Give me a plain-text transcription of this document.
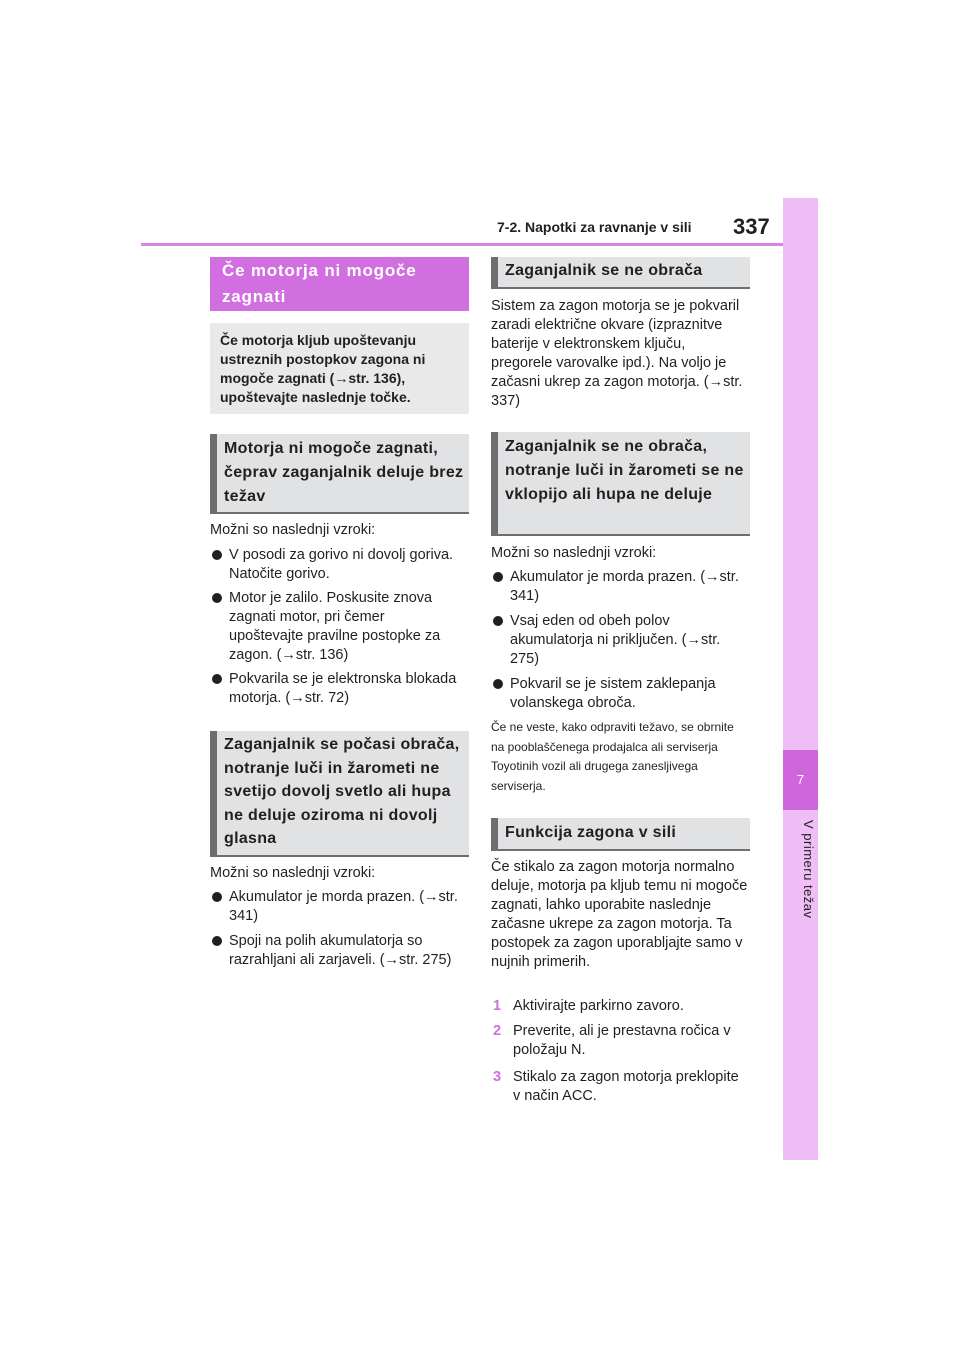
7-2. Napotki za ravnanje v sili 337
7
V primeru težav
Če motorja ni mogoče zagnati
Če motorja kljub upoštevanju ustreznih postopkov zagona ni mogoče zagnati (→str. 136), upoštevajte naslednje točke.
Motorja ni mogoče zagnati, čeprav zaganjalnik deluje brez težav
Možni so naslednji vzroki:
V posodi za gorivo ni dovolj goriva. Natočite gorivo.
Motor je zalilo. Poskusite znova zagnati motor, pri čemer upoštevajte pravilne postopke za zagon. (→str. 136)
Pokvarila se je elektronska blokada motorja. (→str. 72)
Zaganjalnik se počasi obrača, notranje luči in žarometi ne svetijo dovolj svetlo ali hupa ne deluje oziroma ni dovolj glasna
Možni so naslednji vzroki:
Akumulator je morda prazen. (→str. 341)
Spoji na polih akumulatorja so razrahljani ali zarjaveli. (→str. 275)
Zaganjalnik se ne obrača
Sistem za zagon motorja se je pokvaril zaradi električne okvare (izpraznitve baterije v elektronskem ključu, pregorele varovalke ipd.). Na voljo je začasni ukrep za zagon motorja. (→str. 337)
Zaganjalnik se ne obrača, notranje luči in žarometi se ne vklopijo ali hupa ne deluje
Možni so naslednji vzroki:
Akumulator je morda prazen. (→str. 341)
Vsaj eden od obeh polov akumulatorja ni priključen. (→str. 275)
Pokvaril se je sistem zaklepanja volanskega obroča.
Če ne veste, kako odpraviti težavo, se obrnite na pooblaščenega prodajalca ali serviserja Toyotinih vozil ali drugega zanesljivega serviserja.
Funkcija zagona v sili
Če stikalo za zagon motorja normalno deluje, motorja pa kljub temu ni mogoče zagnati, lahko uporabite naslednje začasne ukrepe za zagon motorja. Ta postopek za zagon uporabljajte samo v nujnih primerih.
1 Aktivirajte parkirno zavoro.
2 Preverite, ali je prestavna ročica v položaju N.
3 Stikalo za zagon motorja preklopite v način ACC.
